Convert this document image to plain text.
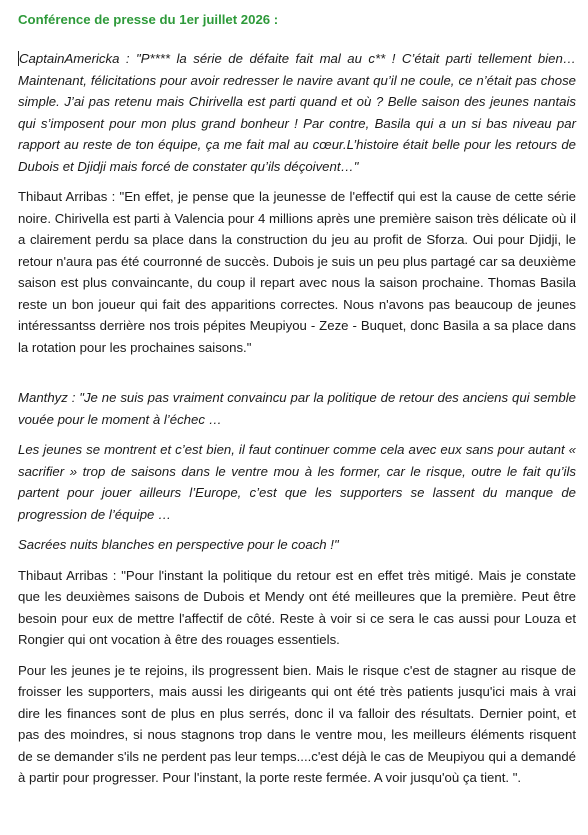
Conférence de presse du 1er juillet 2026 :
CaptainAmericka : "P**** la série de défaite fait mal au c** ! C’était parti tellement bien…Maintenant, félicitations pour avoir redresser le navire avant qu’il ne coule, ce n’était pas chose simple. J’ai pas retenu mais Chirivella est parti quand et où ? Belle saison des jeunes nantais qui s’imposent pour mon plus grand bonheur ! Par contre, Basila qui a un si bas niveau par rapport au reste de ton équipe, ça me fait mal au cœur.L’histoire était belle pour les retours de Dubois et Djidji mais forcé de constater qu’ils déçoivent…"
Thibaut Arribas : "En effet, je pense que la jeunesse de l'effectif qui est la cause de cette série noire. Chirivella est parti à Valencia pour 4 millions après une première saison très délicate où il a clairement perdu sa place dans la construction du jeu au profit de Sforza. Oui pour Djidji, le retour n'aura pas été courronné de succès. Dubois je suis un peu plus partagé car sa deuxième saison est plus convaincante, du coup il repart avec nous la saison prochaine. Thomas Basila reste un bon joueur qui fait des apparitions correctes. Nous n'avons pas beaucoup de jeunes intéressantss derrière nos trois pépites Meupiyou - Zeze - Buquet, donc Basila a sa place dans la rotation pour les prochaines saisons."
Manthyz : "Je ne suis pas vraiment convaincu par la politique de retour des anciens qui semble vouée pour le moment à l’échec …
Les jeunes se montrent et c’est bien, il faut continuer comme cela avec eux sans pour autant « sacrifier » trop de saisons dans le ventre mou à les former, car le risque, outre le fait qu’ils partent pour jouer ailleurs l’Europe, c’est que les supporters se lassent du manque de progression de l’équipe …
Sacrées nuits blanches en perspective pour le coach !"
Thibaut Arribas : "Pour l'instant la politique du retour est en effet très mitigé. Mais je constate que les deuxièmes saisons de Dubois et Mendy ont été meilleures que la première. Peut être besoin pour eux de mettre l'affectif de côté. Reste à voir si ce sera le cas aussi pour Louza et Rongier qui ont vocation à être des rouages essentiels.
Pour les jeunes je te rejoins, ils progressent bien. Mais le risque c'est de stagner au risque de froisser les supporters, mais aussi les dirigeants qui ont été très patients jusqu'ici mais à vrai dire les finances sont de plus en plus serrés, donc il va falloir des résultats. Dernier point, et pas des moindres, si nous stagnons trop dans le ventre mou, les meilleurs éléments risquent de se demander s'ils ne perdent pas leur temps....c'est déjà le cas de Meupiyou qui a demandé à partir pour progresser. Pour l'instant, la porte reste fermée. A voir jusqu'où ça tient. ".
